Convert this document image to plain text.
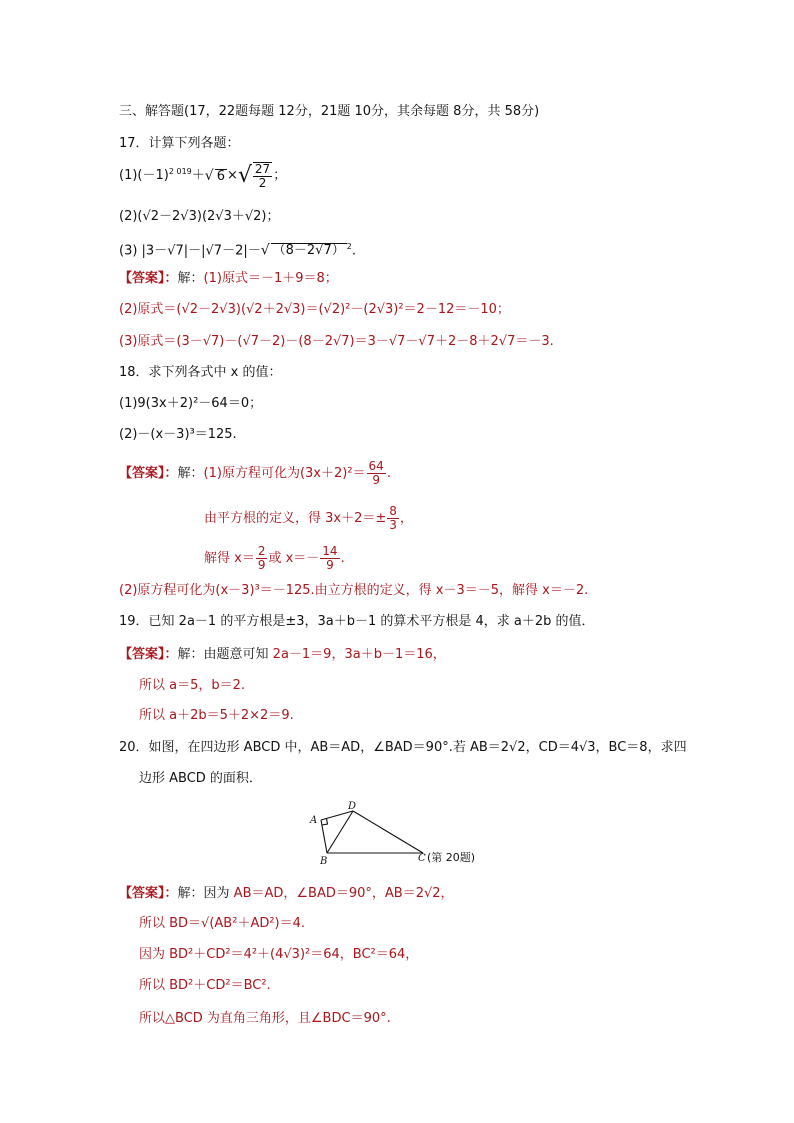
三、解答题(17，22题每题 12分，21题 10分，其余每题 8分，共 58分)
17．计算下列各题：
$(1)(-1)^{2 019}+√$ 6 ×√ $\frac{27}{2}$ ；
(2)(√2－2√3)(2√3＋√2)；
(3) |3－√7|－|√7－2|－√ （8－2√7） $^2$.
【答案】：解：(1)原式＝－1＋9＝8；
(2)原式＝(√2－2√3)(√2＋2√3)＝(√2)²－(2√3)²＝2－12＝－10；
(3)原式＝(3－√7)－(√7－2)－(8－2√7)＝3－√7－√7＋2－8＋2√7＝－3.
18．求下列各式中 x 的值：
(1)9(3x＋2)²－64＝0；
(2)－(x－3)³＝125.
【答案】：解：(1)原方程可化为$(3x+2)^2= \frac{64}{9}$ .
由平方根的定义，得 $3x+2=\pm \frac{8}{3}$ ，
解得 $x= \frac{2}{9}$ 或 $x=- \frac{14}{9}$ .
(2)原方程可化为(x－3)³＝－125.由立方根的定义，得 x－3＝－5，解得 x＝－2.
19．已知 2a－1 的平方根是±3，3a＋b－1 的算术平方根是 4，求 a＋2b 的值．
【答案】：解：由题意可知 2a－1＝9，3a＋b－1＝16，
所以 a＝5，b＝2.
所以 a＋2b＝5＋2×2＝9.
20．如图，在四边形 ABCD 中，AB＝AD，∠BAD＝90°.若 AB＝2√2，CD＝4√3，BC＝8，求四
边形 ABCD 的面积．
A
B	C
D
(第 20题)
【答案】：解：因为 AB＝AD，∠BAD＝90°，AB＝2√2，
所以 BD＝√(AB²＋AD²)＝4.
因为 BD²＋CD²＝4²＋(4√3)²＝64，BC²＝64，
所以 BD²＋CD²＝BC².
所以△BCD 为直角三角形，且∠BDC＝90°.
